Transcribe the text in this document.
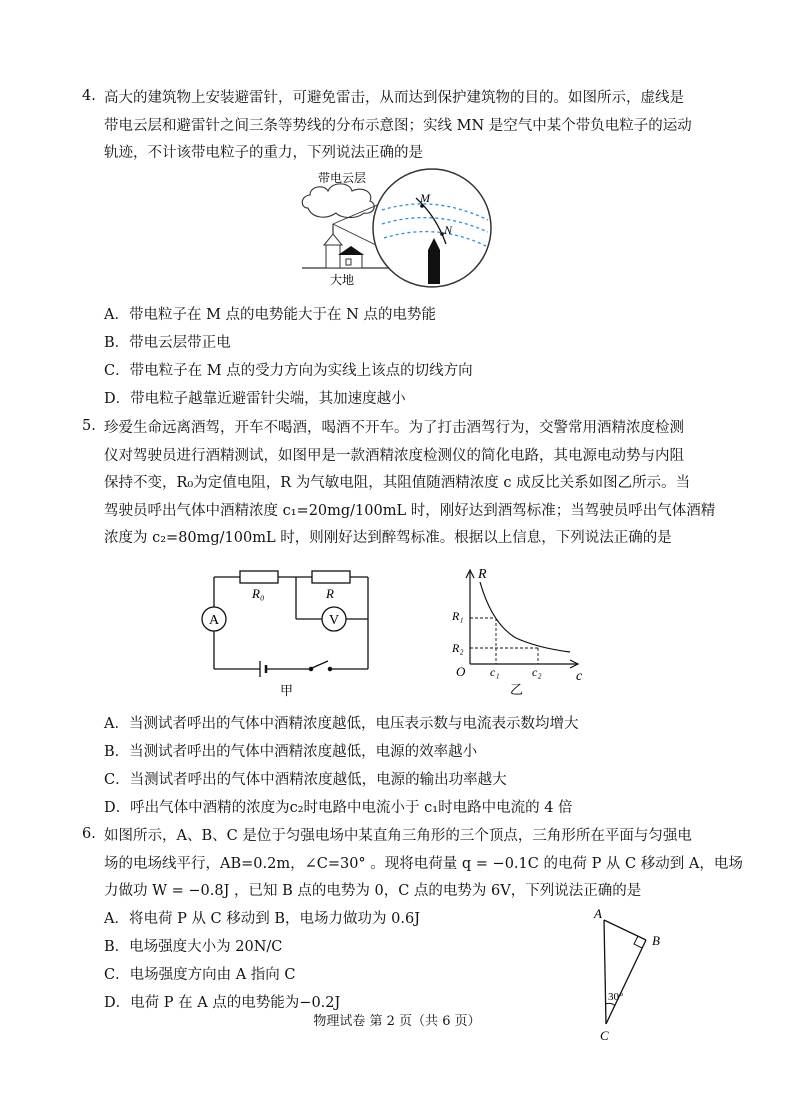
4. 高大的建筑物上安装避雷针，可避免雷击，从而达到保护建筑物的目的。如图所示，虚线是
带电云层和避雷针之间三条等势线的分布示意图；实线 MN 是空气中某个带负电粒子的运动
轨迹，不计该带电粒子的重力，下列说法正确的是
带电云层
大地
M
N
A．带电粒子在 M 点的电势能大于在 N 点的电势能
B．带电云层带正电
C．带电粒子在 M 点的受力方向为实线上该点的切线方向
D．带电粒子越靠近避雷针尖端，其加速度越小
5. 珍爱生命远离酒驾，开车不喝酒，喝酒不开车。为了打击酒驾行为，交警常用酒精浓度检测
仪对驾驶员进行酒精测试，如图甲是一款酒精浓度检测仪的简化电路，其电源电动势与内阻
保持不变，R₀为定值电阻，R 为气敏电阻，其阻值随酒精浓度 c 成反比关系如图乙所示。当
驾驶员呼出气体中酒精浓度 c₁=20mg/100mL 时，刚好达到酒驾标准；当驾驶员呼出气体酒精
浓度为 c₂=80mg/100mL 时，则刚好达到醉驾标准。根据以上信息，下列说法正确的是
A	V
R₀	R
甲
R
c
O
R₁
R₂
c₁	c₂
乙
A．当测试者呼出的气体中酒精浓度越低，电压表示数与电流表示数均增大
B．当测试者呼出的气体中酒精浓度越低，电源的效率越小
C．当测试者呼出的气体中酒精浓度越低，电源的输出功率越大
D．呼出气体中酒精的浓度为c₂时电路中电流小于 c₁时电路中电流的 4 倍
6. 如图所示，A、B、C 是位于匀强电场中某直角三角形的三个顶点，三角形所在平面与匀强电
场的电场线平行，AB=0.2m，∠C=30° 。现将电荷量 q = −0.1C 的电荷 P 从 C 移动到 A，电场
力做功 W = −0.8J ，已知 B 点的电势为 0，C 点的电势为 6V，下列说法正确的是
A．将电荷 P 从 C 移动到 B，电场力做功为 0.6J
B．电场强度大小为 20N/C
C．电场强度方向由 A 指向 C
D．电荷 P 在 A 点的电势能为−0.2J
A
B
C
30°
物理试卷 第 2 页（共 6 页）
